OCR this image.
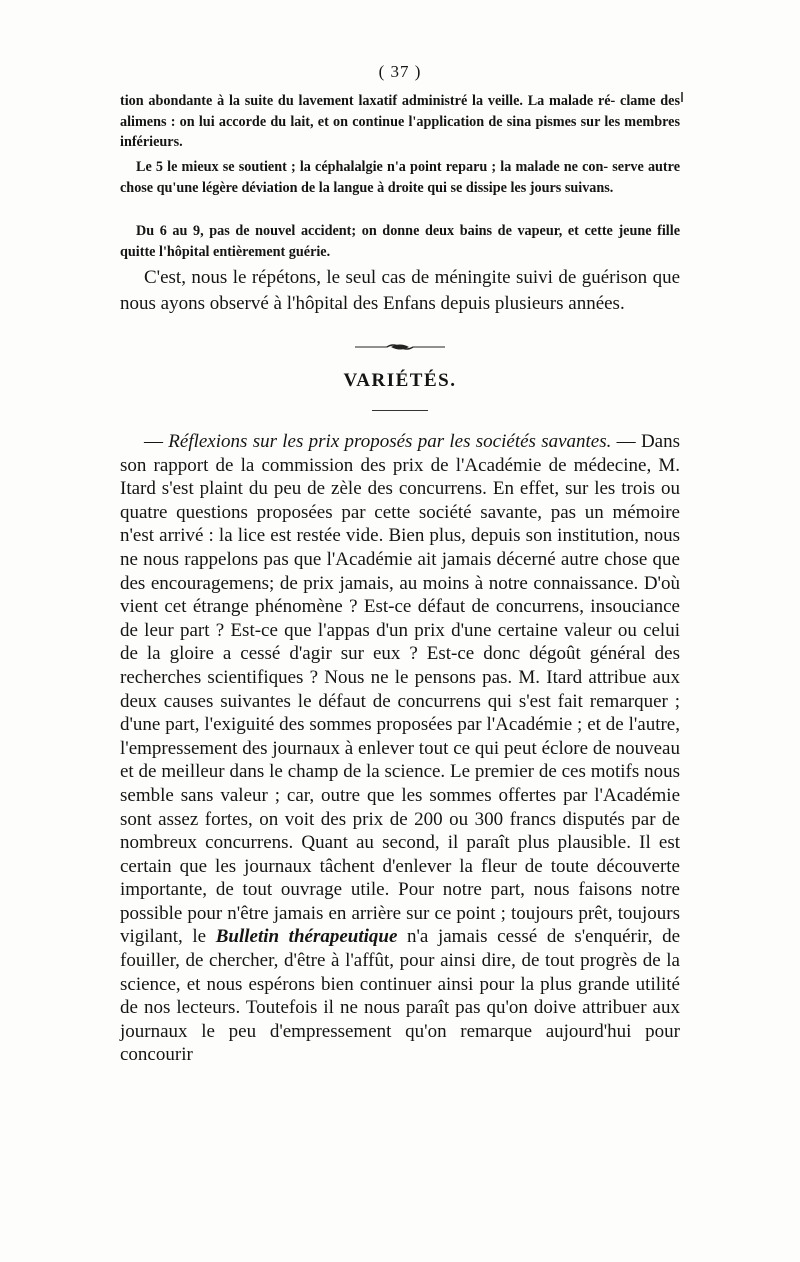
( 37 )

tion abondante à la suite du lavement laxatif administré la veille. La malade ré- clame des alimens : on lui accorde du lait, et on continue l'application de sina pismes sur les membres inférieurs.

Le 5 le mieux se soutient ; la céphalalgie n'a point reparu ; la malade ne con- serve autre chose qu'une légère déviation de la langue à droite qui se dissipe les jours suivans.

Du 6 au 9, pas de nouvel accident; on donne deux bains de vapeur, et cette jeune fille quitte l'hôpital entièrement guérie.

C'est, nous le répétons, le seul cas de méningite suivi de guérison que nous ayons observé à l'hôpital des Enfans depuis plusieurs années.

VARIÉTÉS.

— Réflexions sur les prix proposés par les sociétés savantes. — Dans son rapport de la commission des prix de l'Académie de médecine, M. Itard s'est plaint du peu de zèle des concurrens. En effet, sur les trois ou quatre questions proposées par cette société savante, pas un mémoire n'est arrivé : la lice est restée vide. Bien plus, depuis son institution, nous ne nous rappelons pas que l'Académie ait jamais décerné autre chose que des encouragemens; de prix jamais, au moins à notre connaissance. D'où vient cet étrange phénomène ? Est-ce défaut de concurrens, insouciance de leur part ? Est-ce que l'appas d'un prix d'une certaine valeur ou celui de la gloire a cessé d'agir sur eux ? Est-ce donc dégoût général des recherches scientifiques ? Nous ne le pensons pas. M. Itard attribue aux deux causes suivantes le défaut de concurrens qui s'est fait remarquer ; d'une part, l'exiguité des sommes proposées par l'Académie ; et de l'autre, l'empressement des journaux à enlever tout ce qui peut éclore de nouveau et de meilleur dans le champ de la science. Le premier de ces motifs nous semble sans valeur ; car, outre que les sommes offertes par l'Académie sont assez fortes, on voit des prix de 200 ou 300 francs disputés par de nombreux concurrens. Quant au second, il paraît plus plausible. Il est certain que les journaux tâchent d'enlever la fleur de toute découverte importante, de tout ouvrage utile. Pour notre part, nous faisons notre possible pour n'être jamais en arrière sur ce point ; toujours prêt, toujours vigilant, le Bulletin thérapeutique n'a jamais cessé de s'enquérir, de fouiller, de chercher, d'être à l'affût, pour ainsi dire, de tout progrès de la science, et nous espérons bien continuer ainsi pour la plus grande utilité de nos lecteurs. Toutefois il ne nous paraît pas qu'on doive attribuer aux journaux le peu d'empressement qu'on remarque aujourd'hui pour concourir
